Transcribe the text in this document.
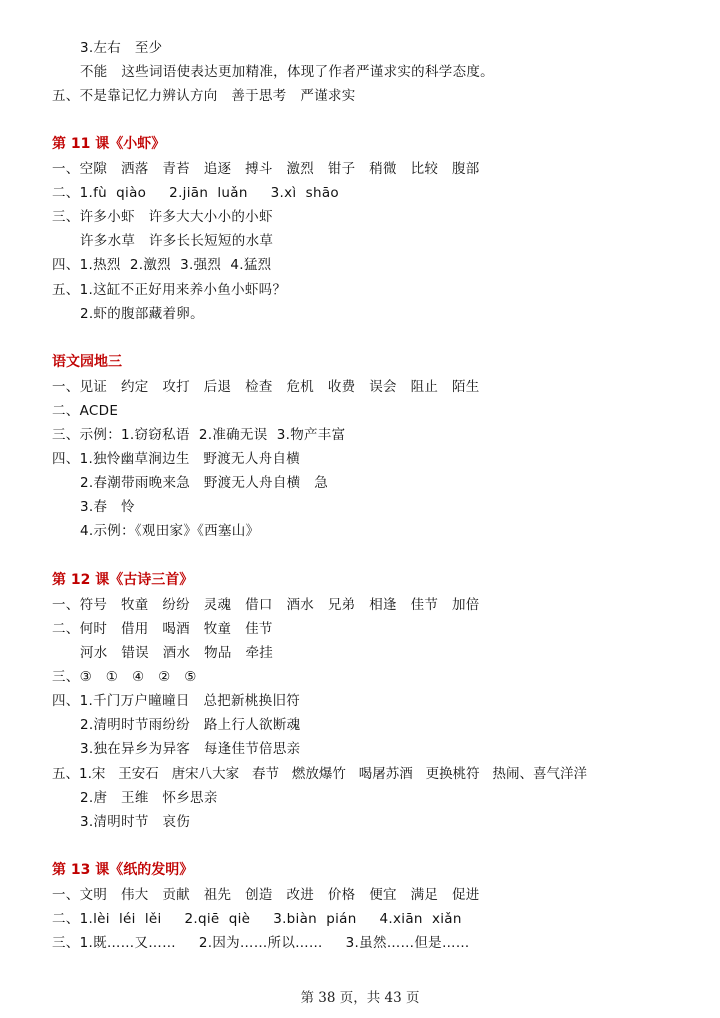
3.左右   至少
不能   这些词语使表达更加精准，体现了作者严谨求实的科学态度。
五、不是靠记忆力辨认方向   善于思考   严谨求实
第 11 课《小虾》
一、空隙   洒落   青苔   追逐   搏斗   激烈   钳子   稍微   比较   腹部
二、1.fù  qiào     2.jiān  luǎn     3.xì  shāo
三、许多小虾   许多大大小小的小虾
许多水草   许多长长短短的水草
四、1.热烈  2.激烈  3.强烈  4.猛烈
五、1.这缸不正好用来养小鱼小虾吗？
2.虾的腹部藏着卵。
语文园地三
一、见证   约定   攻打   后退   检查   危机   收费   误会   阻止   陌生
二、ACDE
三、示例：1.窃窃私语  2.准确无误  3.物产丰富
四、1.独怜幽草涧边生   野渡无人舟自横
2.春潮带雨晚来急   野渡无人舟自横   急
3.春   怜
4.示例：《观田家》《西塞山》
第 12 课《古诗三首》
一、符号   牧童   纷纷   灵魂   借口   酒水   兄弟   相逢   佳节   加倍
二、何时   借用   喝酒   牧童   佳节
河水   错误   酒水   物品   牵挂
三、③   ①   ④   ②   ⑤
四、1.千门万户曈曈日   总把新桃换旧符
2.清明时节雨纷纷   路上行人欲断魂
3.独在异乡为异客   每逢佳节倍思亲
五、1.宋   王安石   唐宋八大家   春节   燃放爆竹   喝屠苏酒   更换桃符   热闹、喜气洋洋
2.唐   王维   怀乡思亲
3.清明时节   哀伤
第 13 课《纸的发明》
一、文明   伟大   贡献   祖先   创造   改进   价格   便宜   满足   促进
二、1.lèi  léi  lěi     2.qiē  qiè     3.biàn  pián     4.xiān  xiǎn
三、1.既……又……     2.因为……所以……     3.虽然……但是……
第 38 页，共 43 页
